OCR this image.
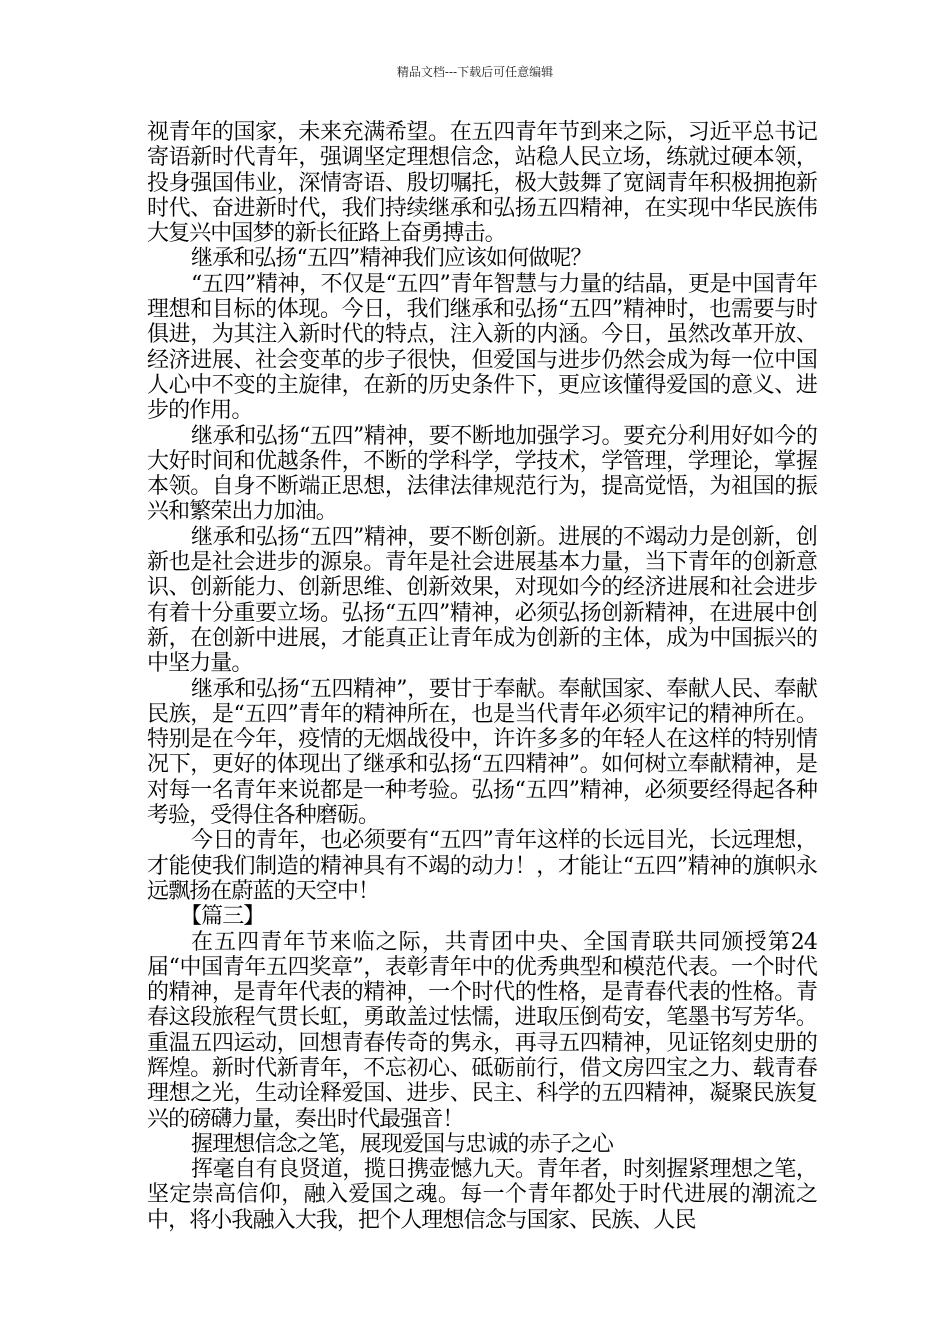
精品文档---下载后可任意编辑

视青年的国家，未来充满希望。在五四青年节到来之际，习近平总书记寄语新时代青年，强调坚定理想信念，站稳人民立场，练就过硬本领，投身强国伟业，深情寄语、殷切嘱托，极大鼓舞了宽阔青年积极拥抱新时代、奋进新时代，我们持续继承和弘扬五四精神，在实现中华民族伟大复兴中国梦的新长征路上奋勇搏击。

继承和弘扬“五四”精神我们应该如何做呢？

“五四”精神，不仅是“五四”青年智慧与力量的结晶，更是中国青年理想和目标的体现。今日，我们继承和弘扬“五四”精神时，也需要与时俱进，为其注入新时代的特点，注入新的内涵。今日，虽然改革开放、经济进展、社会变革的步子很快，但爱国与进步仍然会成为每一位中国人心中不变的主旋律，在新的历史条件下，更应该懂得爱国的意义、进步的作用。

继承和弘扬“五四”精神，要不断地加强学习。要充分利用好如今的大好时间和优越条件，不断的学科学，学技术，学管理，学理论，掌握本领。自身不断端正思想，法律法律规范行为，提高觉悟，为祖国的振兴和繁荣出力加油。

继承和弘扬“五四”精神，要不断创新。进展的不竭动力是创新，创新也是社会进步的源泉。青年是社会进展基本力量，当下青年的创新意识、创新能力、创新思维、创新效果，对现如今的经济进展和社会进步有着十分重要立场。弘扬“五四”精神，必须弘扬创新精神，在进展中创新，在创新中进展，才能真正让青年成为创新的主体，成为中国振兴的中坚力量。

继承和弘扬“五四精神”，要甘于奉献。奉献国家、奉献人民、奉献民族，是“五四”青年的精神所在，也是当代青年必须牢记的精神所在。特别是在今年，疫情的无烟战役中，许许多多的年轻人在这样的特别情况下，更好的体现出了继承和弘扬“五四精神”。如何树立奉献精神，是对每一名青年来说都是一种考验。弘扬“五四”精神，必须要经得起各种考验，受得住各种磨砺。

今日的青年，也必须要有“五四”青年这样的长远目光，长远理想，才能使我们制造的精神具有不竭的动力！，才能让“五四”精神的旗帜永远飘扬在蔚蓝的天空中！

【篇三】

在五四青年节来临之际，共青团中央、全国青联共同颁授第24届“中国青年五四奖章”，表彰青年中的优秀典型和模范代表。一个时代的精神，是青年代表的精神，一个时代的性格，是青春代表的性格。青春这段旅程气贯长虹，勇敢盖过怯懦，进取压倒苟安，笔墨书写芳华。重温五四运动，回想青春传奇的隽永，再寻五四精神，见证铭刻史册的辉煌。新时代新青年，不忘初心、砥砺前行，借文房四宝之力、载青春理想之光，生动诠释爱国、进步、民主、科学的五四精神，凝聚民族复兴的磅礴力量，奏出时代最强音！

握理想信念之笔，展现爱国与忠诚的赤子之心

挥毫自有良贤道，揽日携壶憾九天。青年者，时刻握紧理想之笔，坚定崇高信仰，融入爱国之魂。每一个青年都处于时代进展的潮流之中，将小我融入大我，把个人理想信念与国家、民族、人民
